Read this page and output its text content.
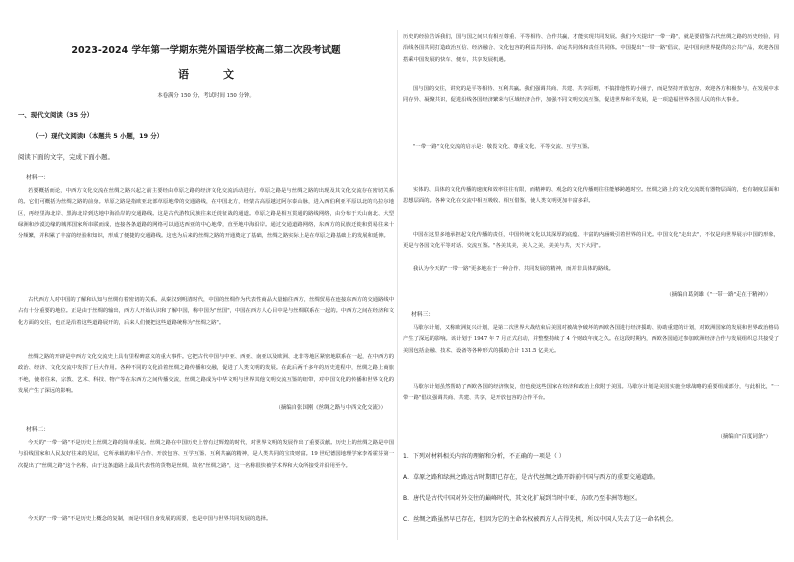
2023-2024 学年第一学期东莞外国语学校高二第二次段考试题
语文
本卷满分 150 分，考试时间 150 分钟。
一、现代文阅读（35 分）
（一）现代文阅读Ⅰ（本题共 5 小题，19 分）
阅读下面的文字，完成下面小题。
材料一：
若要概括而论，中西方文化交流在丝绸之路兴起之前主要经由草原之路的经济文化交流活动进行。草原之路是与丝绸之路的出现及其文化交流存在密切关系的。它们可概括为丝绸之路的前身。草原之路是指欧亚北部草原地带的交通路线，在中国北方，经蒙古高原越过阿尔泰山脉，进入西伯利亚平原以北的乌拉尔地区，再经里海北岸、黑海北岸到达地中海沿岸的交通路线。这是古代游牧民族往来迁徙征战的通道。草原之路是相互贯通的路线网络，由分布于天山南北、大型绿洲和沙漠边缘的城邦国家所串联而成，连接各条道路的网络可以通达西亚的中心地带，直至地中海沿岸。通过交通道路网络，东西方的民族迁徙和贸易往来十分频繁，并积累了丰富的经验和知识，形成了便捷的交通路线。这也为后来的丝绸之路的开通奠定了基础，丝绸之路实际上是在草原之路基础上的发展和延伸。
古代西方人对中国的了解和认知与丝绸有着密切的关系。从秦汉到明清时代，中国的丝绸作为代表性商品大量输往西方，丝绸贸易在连接东西方的交通路线中占有十分重要的地位。正是由于丝绸的输出，西方人开始认识和了解中国，称中国为"丝国"，中国在西方人心目中是与丝绸联系在一起的。中西方之间在经济和文化方面的交往，也正是沿着这些道路展开的，后来人们便把这些道路统称为"丝绸之路"。
丝绸之路的开辟是中西方文化交流史上具有里程碑意义的重大事件。它把古代中国与中亚、西亚、南亚以及欧洲、北非等地区紧密地联系在一起，在中西方的政治、经济、文化交流中发挥了巨大作用。各种不同的文化沿着丝绸之路传播和交融，促进了人类文明的发展。在此后两千多年的历史进程中，丝绸之路上商旅不绝，使者往来，宗教、艺术、科技、物产等在东西方之间传播交流，丝绸之路成为中华文明与世界其他文明交流互鉴的纽带，对中国文化的传播和世界文化的发展产生了深远的影响。
（摘编自张国刚《丝绸之路与中西文化交流》）
材料二：
今天的"一带一路"不是历史上丝绸之路的简单重复。丝绸之路在中国历史上曾有过辉煌的时代，对世界文明的发展作出了重要贡献。历史上的丝绸之路是中国与沿线国家和人民友好往来的见证，它所承载的和平合作、开放包容、互学互鉴、互利共赢的精神，是人类共同的宝贵财富。19 世纪德国地理学家李希霍芬第一次提出了"丝绸之路"这个名称，由于这条道路上最具代表性的货物是丝绸，故名"丝绸之路"，这一名称很快被学术界和大众所接受并沿用至今。
今天的"一带一路"不是历史上概念的复制，而是中国自身发展的需要，也是中国与世界共同发展的选择。
历史的经验告诉我们，国与国之间只有相互尊重、平等相待、合作共赢，才能实现共同发展。我们今天提出"一带一路"，就是要借鉴古代丝绸之路的历史经验，同沿线各国共同打造政治互信、经济融合、文化包容的利益共同体、命运共同体和责任共同体。中国提出"一带一路"倡议，是中国向世界提供的公共产品，欢迎各国搭乘中国发展的快车、便车，共享发展机遇。
国与国的交往，讲究的是平等相待、互利共赢。我们强调共商、共建、共享原则，不搞排他性的小圈子，而是坚持开放包容，欢迎各方积极参与，在发展中求同存异、凝聚共识，促进沿线各国经济繁荣与区域经济合作，加强不同文明交流互鉴，促进世界和平发展，是一项造福世界各国人民的伟大事业。
"一带一路"文化交流的启示是：敬畏文化、尊重文化、平等交流、互学互鉴。
实体的、具体的文化传播的速度和效率往往有限，而精神的、观念的文化传播则往往能够跨越时空。丝绸之路上的文化交流既有器物层面的，也有制度层面和思想层面的。各种文化在交流中相互吸收、相互借鉴，使人类文明更加丰富多彩。
中国在这里多地承担起文化传播的责任，中国传统文化以其深厚的底蕴、丰富的内涵吸引着世界的目光。中国文化"走出去"，不仅是向世界展示中国的形象，更是与各国文化平等对话、交流互鉴。"各美其美，美人之美，美美与共，天下大同"。
我认为今天的"一带一路"更多地在于一种合作、共同发展的精神，而并非具体的路线。
（摘编自葛剑雄《"一带一路"走在于精神》）
材料三：
马歇尔计划，又称欧洲复兴计划，是第二次世界大战结束后美国对被战争破坏的西欧各国进行经济援助、协助重建的计划，对欧洲国家的发展和世界政治格局产生了深远的影响。该计划于 1947 年 7 月正式启动，并整整持续了 4 个财政年度之久。在这段时期内，西欧各国通过参加欧洲经济合作与发展组织总共接受了美国包括金融、技术、设备等各种形式的援助合计 131.5 亿美元。
马歇尔计划虽然帮助了西欧各国的经济恢复，但也使这些国家在经济和政治上依附于美国。马歇尔计划是美国实施全球战略的重要组成部分，与此相比，"一带一路"倡议强调共商、共建、共享，是开放包容的合作平台。
（摘编自"百度词条"）
1．下列对材料相关内容的理解和分析，不正确的一项是（ ）
A．草原之路和绿洲之路远古时期即已存在，是古代丝绸之路开辟前中国与西方的重要交通道路。
B．唐代是古代中国对外交往的巅峰时代，其文化扩展到当时中亚、东欧乃至非洲等地区。
C．丝绸之路虽然早已存在，但因为它的主命名权被西方人占得先机，所以中国人失去了这一命名机会。
